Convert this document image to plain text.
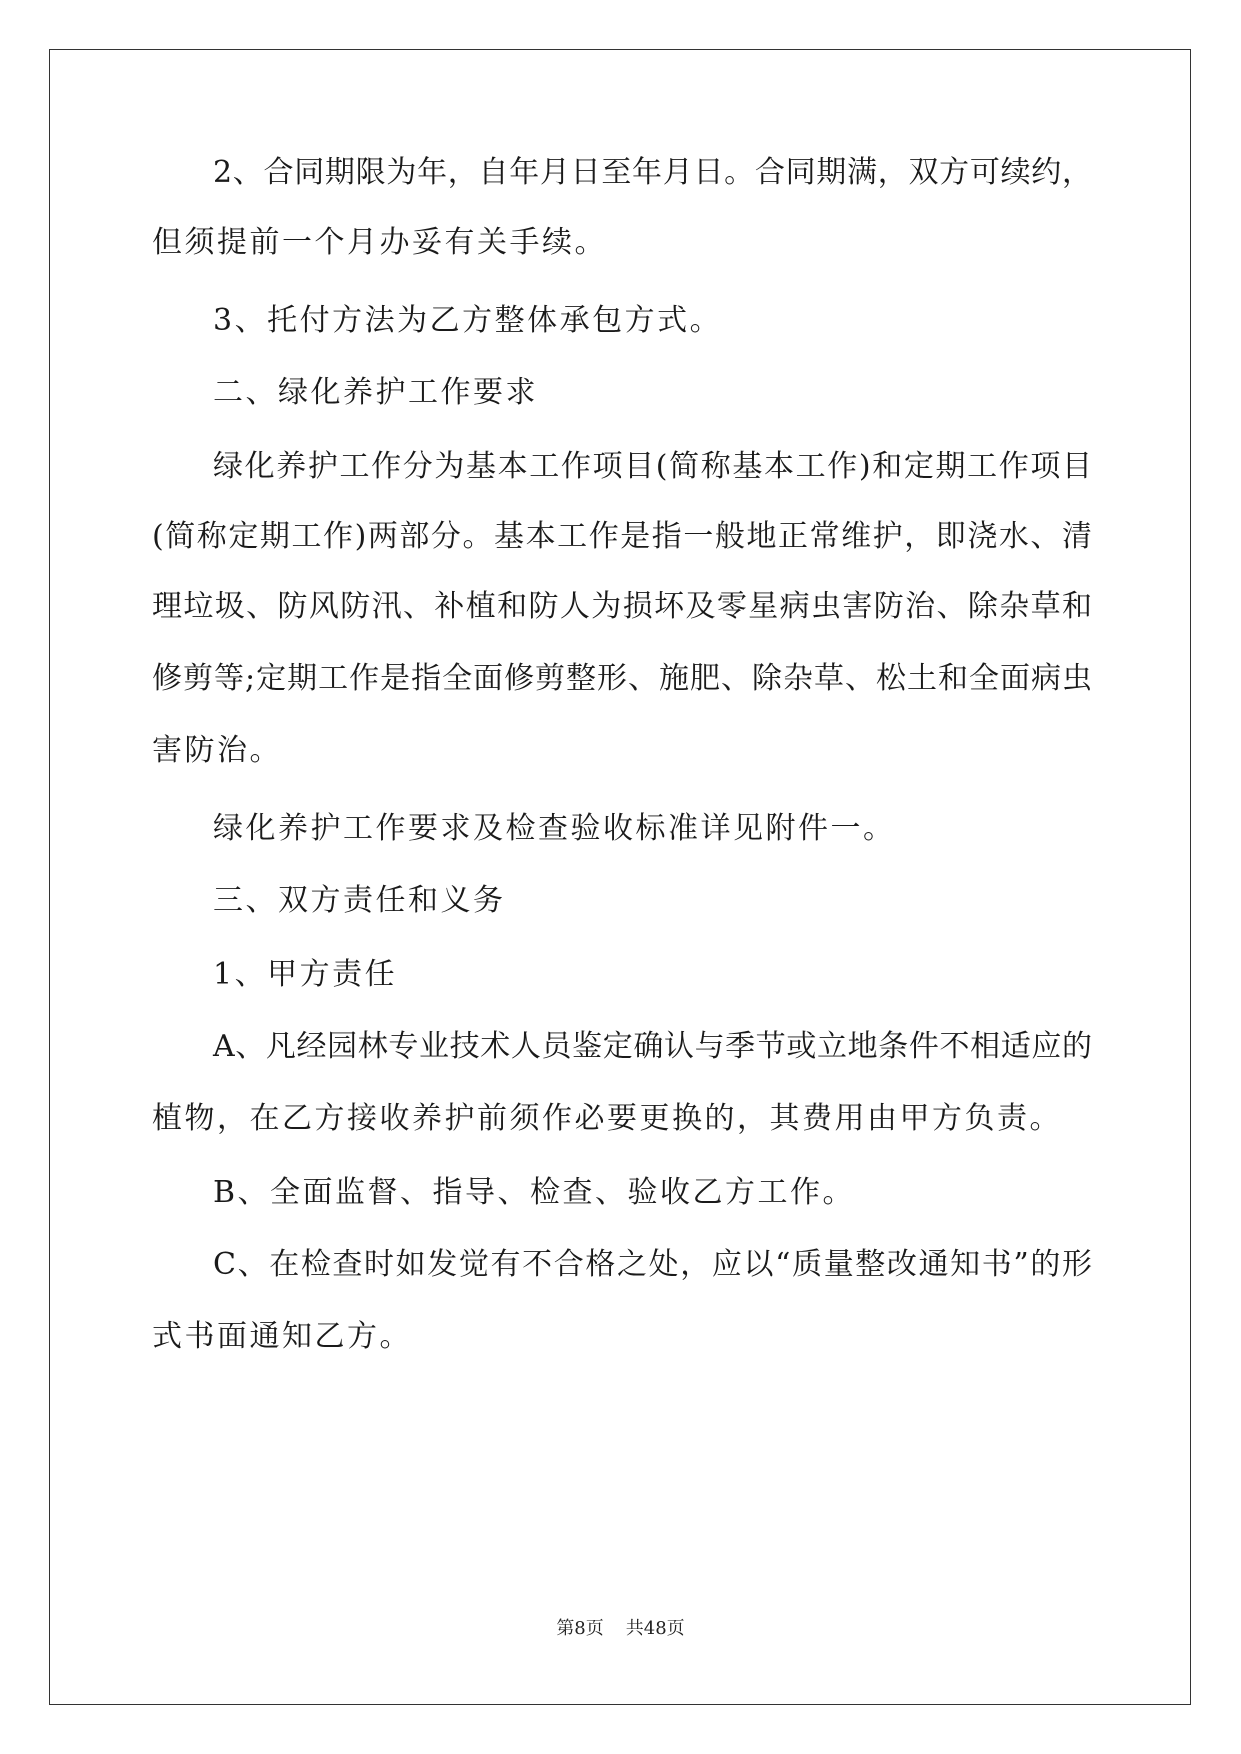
2、合同期限为年，自年月日至年月日。合同期满，双方可续约，
但须提前一个月办妥有关手续。
3、托付方法为乙方整体承包方式。
二、绿化养护工作要求
绿化养护工作分为基本工作项目(简称基本工作)和定期工作项目
(简称定期工作)两部分。基本工作是指一般地正常维护，即浇水、清
理垃圾、防风防汛、补植和防人为损坏及零星病虫害防治、除杂草和
修剪等;定期工作是指全面修剪整形、施肥、除杂草、松土和全面病虫
害防治。
绿化养护工作要求及检查验收标准详见附件一。
三、双方责任和义务
1、甲方责任
A、凡经园林专业技术人员鉴定确认与季节或立地条件不相适应的
植物，在乙方接收养护前须作必要更换的，其费用由甲方负责。
B、全面监督、指导、检查、验收乙方工作。
C、在检查时如发觉有不合格之处，应以“质量整改通知书”的形
式书面通知乙方。
第8页 共48页
